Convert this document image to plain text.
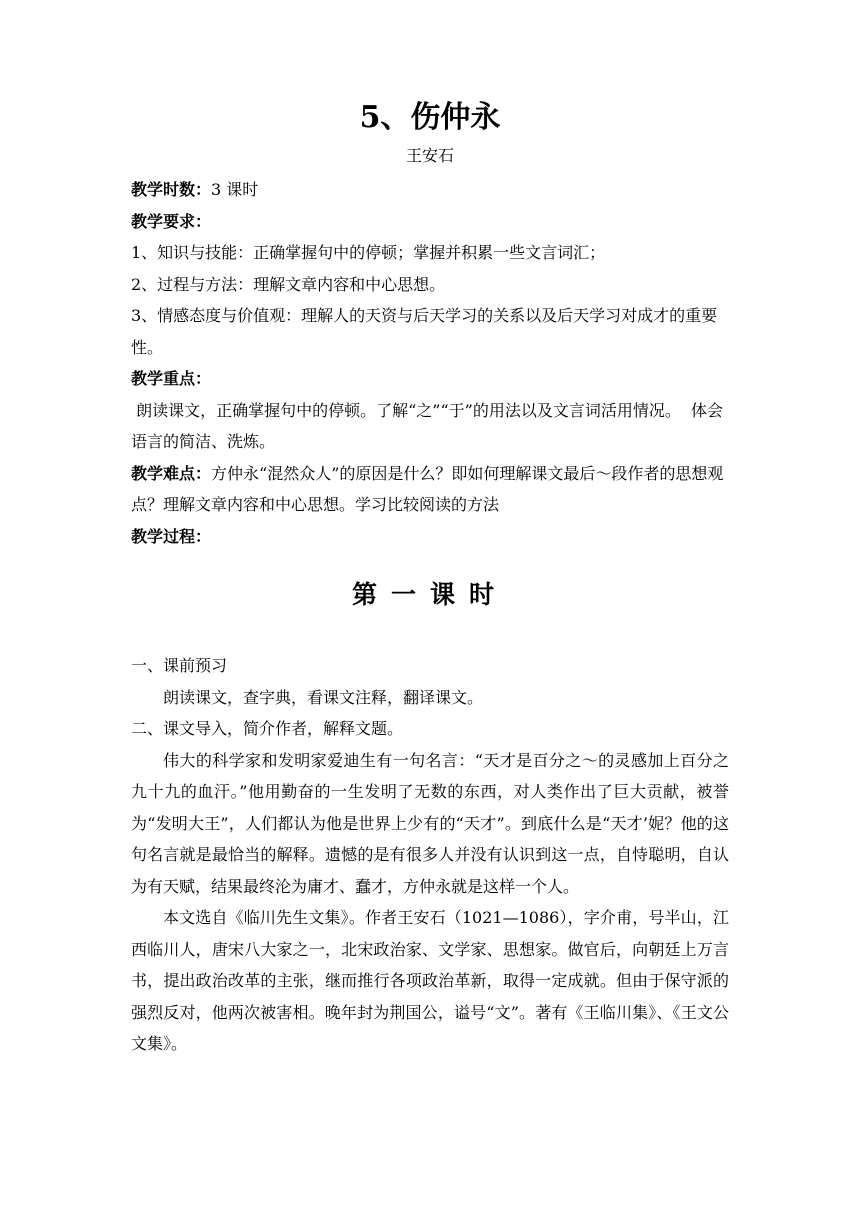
5、伤仲永
王安石

教学时数：3 课时

教学要求：

1、知识与技能：正确掌握句中的停顿；掌握并积累一些文言词汇；

2、过程与方法：理解文章内容和中心思想。

3、情感态度与价值观：理解人的天资与后天学习的关系以及后天学习对成才的重要性。

教学重点：

朗读课文，正确掌握句中的停顿。了解“之”“于”的用法以及文言词活用情况。  体会语言的简洁、洗炼。

教学难点：方仲永“混然众人”的原因是什么？即如何理解课文最后～段作者的思想观点？理解文章内容和中心思想。学习比较阅读的方法

教学过程：

第一课时

一、课前预习

朗读课文，查字典，看课文注释，翻译课文。

二、课文导入，简介作者，解释文题。

伟大的科学家和发明家爱迪生有一句名言：“天才是百分之～的灵感加上百分之九十九的血汗。”他用勤奋的一生发明了无数的东西，对人类作出了巨大贡献，被誉为“发明大王”，人们都认为他是世界上少有的“天才”。到底什么是“天才’妮？他的这句名言就是最恰当的解释。遗憾的是有很多人并没有认识到这一点，自恃聪明，自认为有天赋，结果最终沦为庸才、蠢才，方仲永就是这样一个人。

本文选自《临川先生文集》。作者王安石（1021—1086），字介甫，号半山，江西临川人，唐宋八大家之一，北宋政治家、文学家、思想家。做官后，向朝廷上万言书，提出政治改革的主张，继而推行各项政治革新，取得一定成就。但由于保守派的强烈反对，他两次被害相。晚年封为荆国公，谥号“文”。著有《王临川集》、《王文公文集》。
